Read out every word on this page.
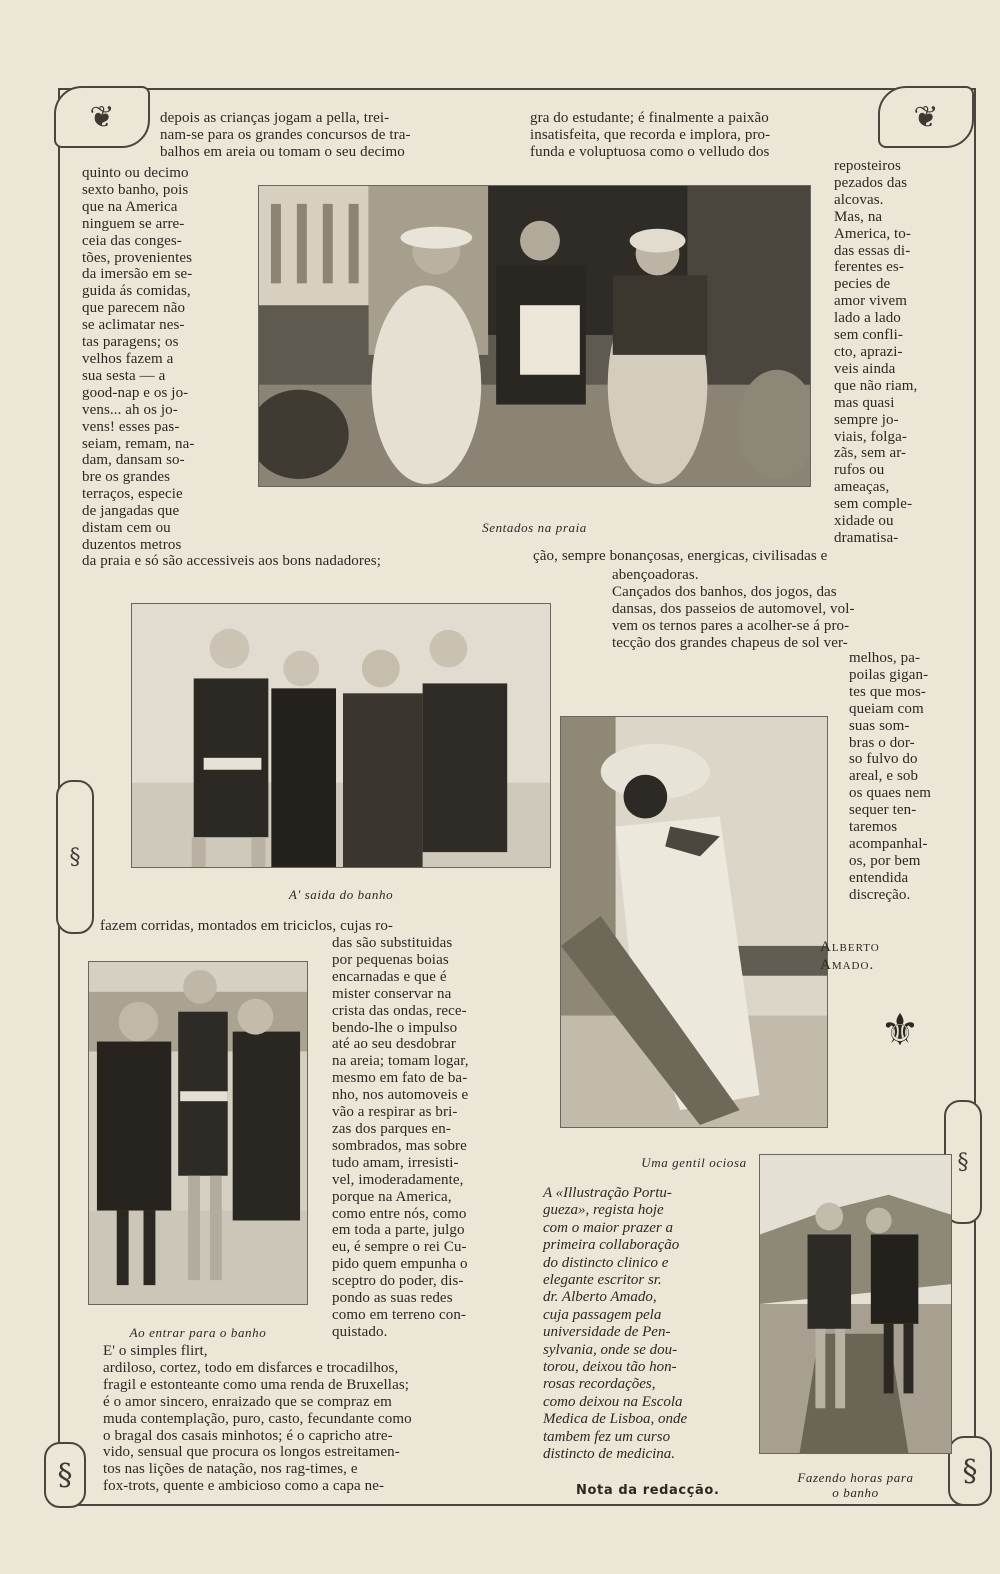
❦	❦
§
§
§	§

depois as crianças jogam a pella, trei-
nam-se para os grandes concursos de tra-
balhos em areia ou tomam o seu decimo

gra do estudante; é finalmente a paixão
insatisfeita, que recorda e implora, pro-
funda e voluptuosa como o velludo dos

quinto ou decimo
sexto banho, pois
que na America
ninguem se arre-
ceia das conges-
tões, provenientes
da imersão em se-
guida ás comidas,
que parecem não
se aclimatar nes-
tas paragens; os
velhos fazem a
sua sesta — a
good-nap e os jo-
vens... ah os jo-
vens! esses pas-
seiam, remam, na-
dam, dansam so-
bre os grandes
terraços, especie
de jangadas que
distam cem ou
duzentos metros

reposteiros
pezados das
alcovas.
Mas, na
America, to-
das essas di-
ferentes es-
pecies de
amor vivem
lado a lado
sem confli-
cto, aprazi-
veis ainda
que não riam,
mas quasi
sempre jo-
viais, folga-
zãs, sem ar-
rufos ou
ameaças,
sem comple-
xidade ou
dramatisa-

Sentados na praia

da praia e só são accessiveis aos bons nadadores;	ção, sempre bonançosas, energicas, civilisadas e

abençoadoras.
Cançados dos banhos, dos jogos, das
dansas, dos passeios de automovel, vol-
vem os ternos pares a acolher-se á pro-
tecção dos grandes chapeus de sol ver-

melhos, pa-
poilas gigan-
tes que mos-
queiam com
suas som-
bras o dor-
so fulvo do
areal, e sob
os quaes nem
sequer ten-
taremos
acompanhal-
os, por bem
entendida
discreção.

A' saida do banho

Uma gentil ociosa

fazem corridas, montados em triciclos, cujas ro-

das são substituidas
por pequenas boias
encarnadas e que é
mister conservar na
crista das ondas, rece-
bendo-lhe o impulso
até ao seu desdobrar
na areia; tomam logar,
mesmo em fato de ba-
nho, nos automoveis e
vão a respirar as bri-
zas dos parques en-
sombrados, mas sobre
tudo amam, irresisti-
vel, imoderadamente,
porque na America,
como entre nós, como
em toda a parte, julgo
eu, é sempre o rei Cu-
pido quem empunha o
sceptro do poder, dis-
pondo as suas redes
como em terreno con-
quistado.

Ao entrar para o banho

E' o simples flirt,
ardiloso, cortez, todo em disfarces e trocadilhos,
fragil e estonteante como uma renda de Bruxellas;
é o amor sincero, enraizado que se compraz em
muda contemplação, puro, casto, fecundante como
o bragal dos casais minhotos; é o capricho atre-
vido, sensual que procura os longos estreitamen-
tos nas lições de natação, nos rag-times, e
fox-trots, quente e ambicioso como a capa ne-

Alberto
Amado.

⚜

A «Illustração Portu-
gueza», regista hoje
com o maior prazer a
primeira collaboração
do distincto clinico e
elegante escritor sr.
dr. Alberto Amado,
cuja passagem pela
universidade de Pen-
sylvania, onde se dou-
torou, deixou tão hon-
rosas recordações,
como deixou na Escola
Medica de Lisboa, onde
tambem fez um curso
distincto de medicina.

Nota da redacção.

Fazendo horas para
o banho
